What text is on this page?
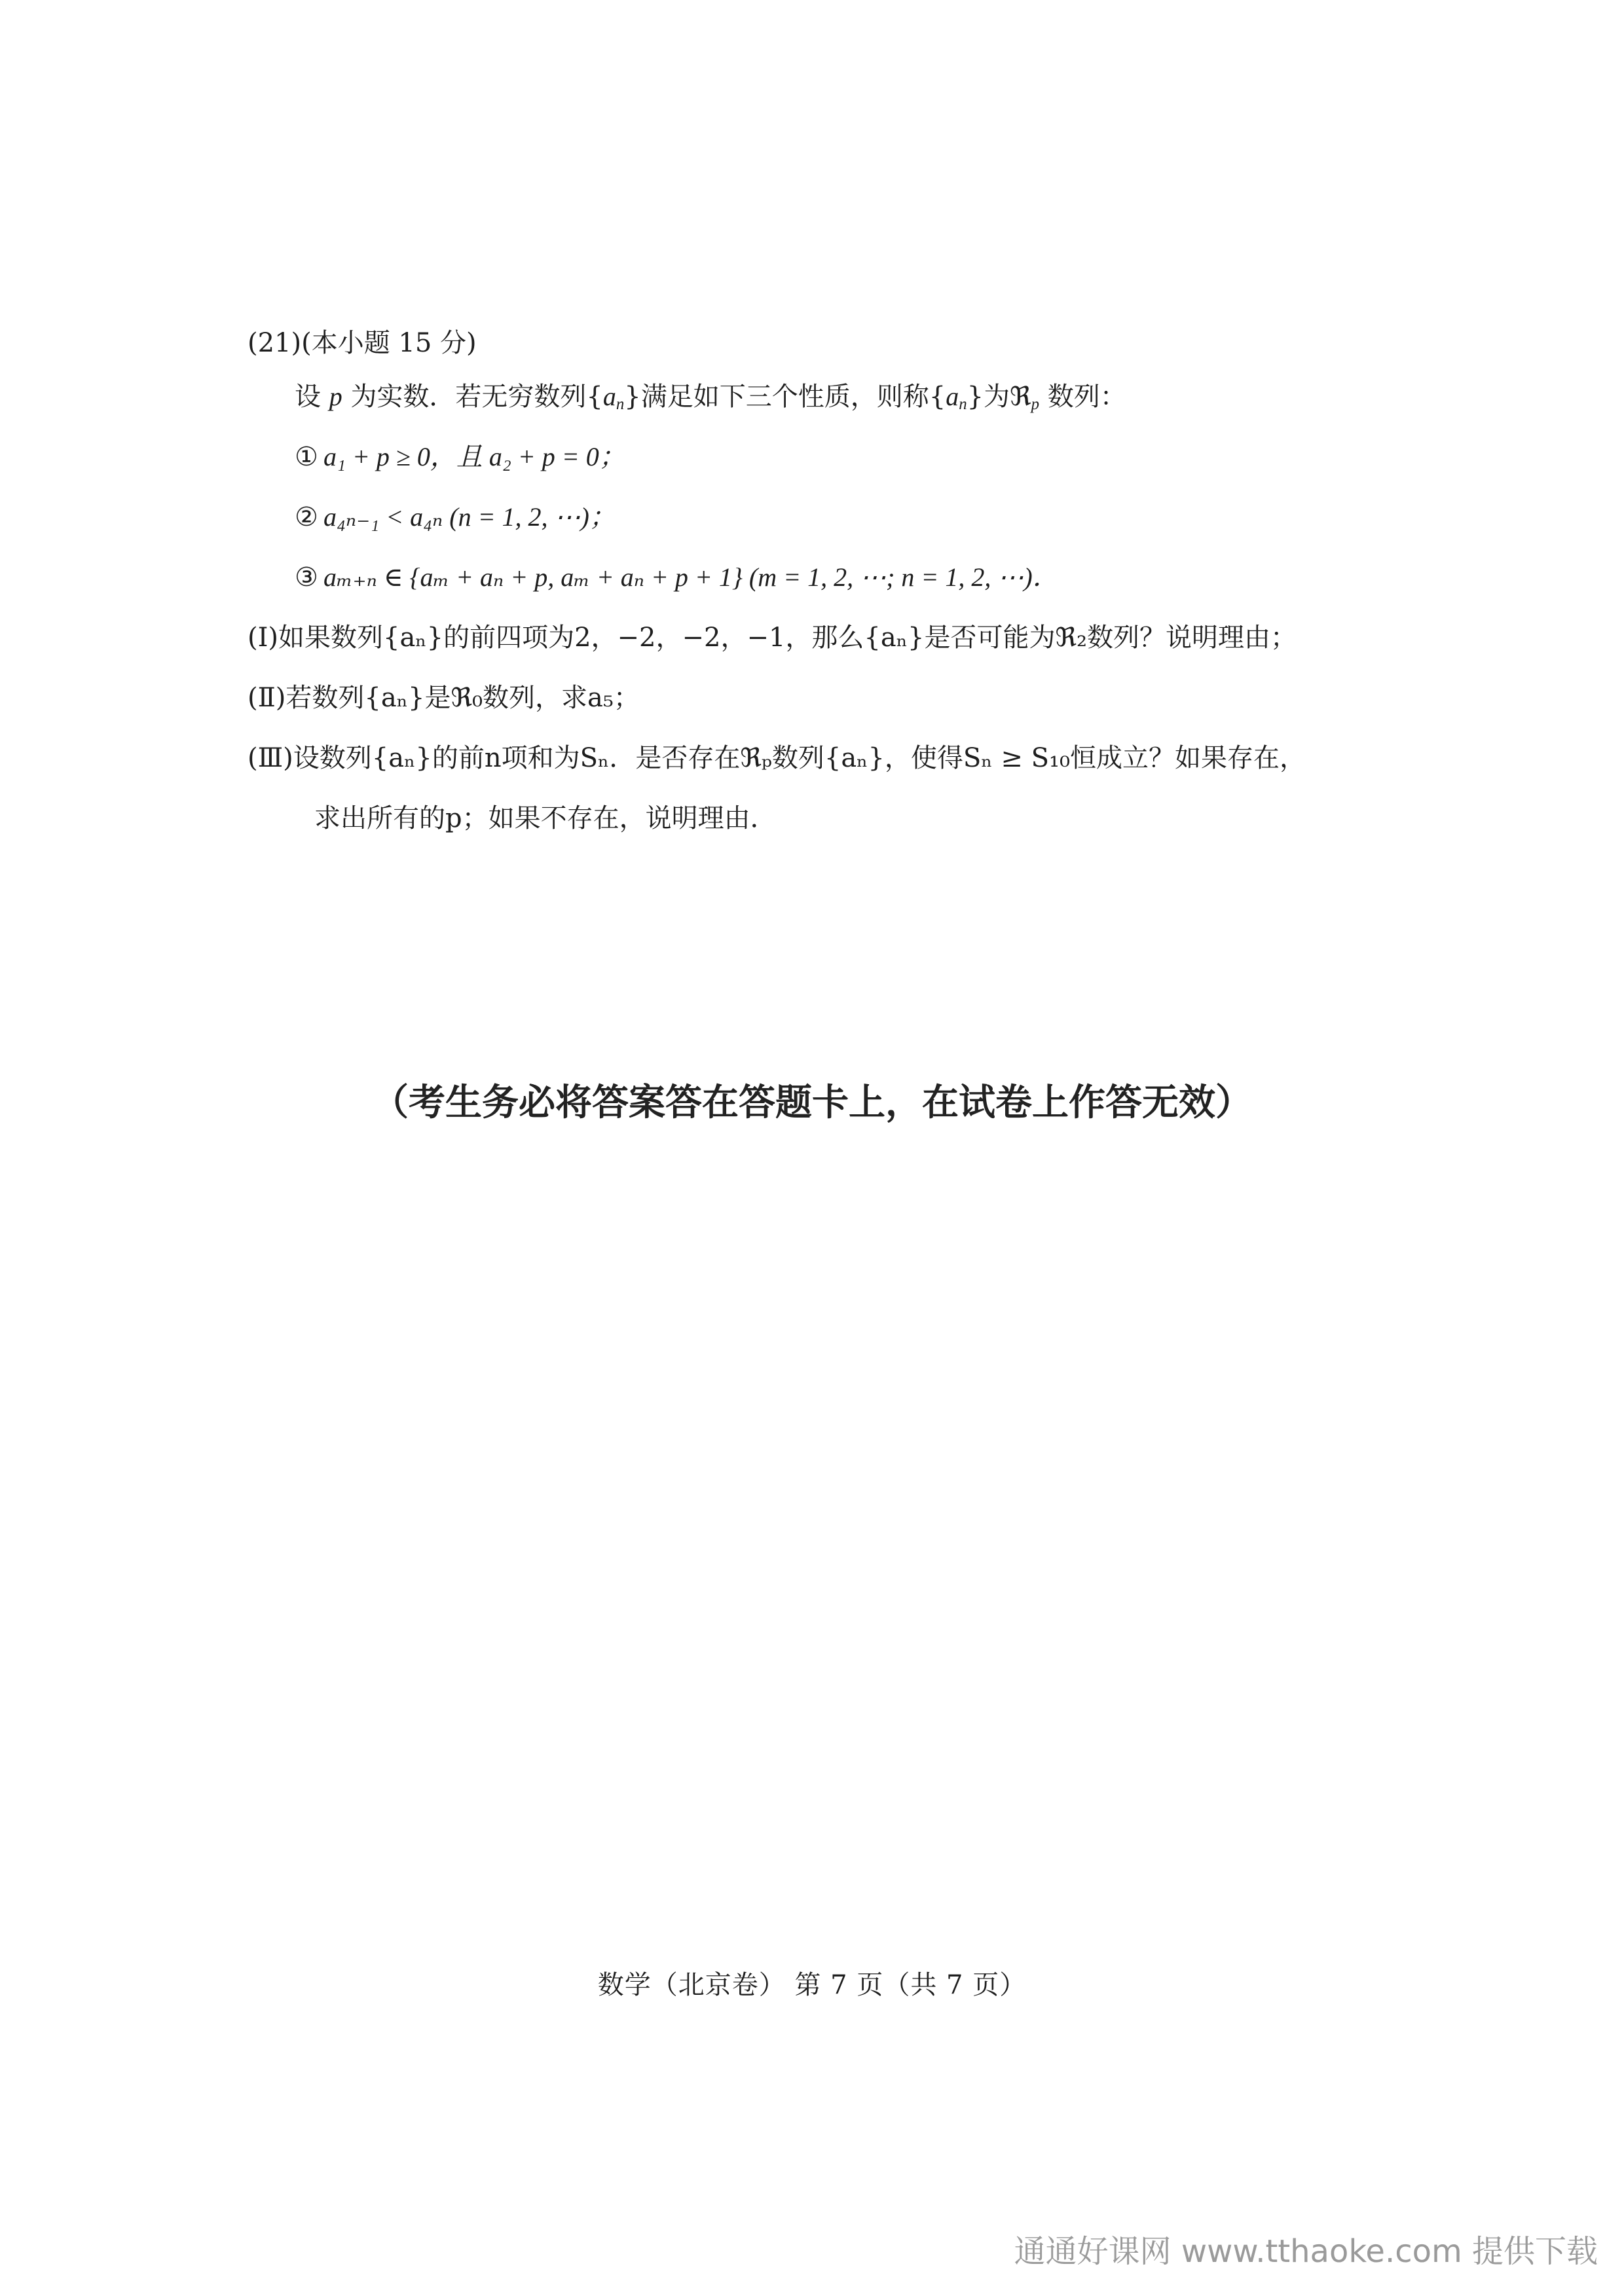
(21)(本小题 15 分)
设 p 为实数．若无穷数列$\{a_n\}$满足如下三个性质，则称$\{a_n\}$为ℜ$_p$ 数列：
① a₁ + p ≥ 0，且 a₂ + p = 0；
② a₄ₙ₋₁ < a₄ₙ (n = 1, 2, ⋯)；
③ aₘ₊ₙ ∈ {aₘ + aₙ + p, aₘ + aₙ + p + 1} (m = 1, 2, ⋯; n = 1, 2, ⋯)．
(Ⅰ)如果数列{aₙ}的前四项为2，−2，−2，−1，那么{aₙ}是否可能为ℜ₂数列？说明理由；
(Ⅱ)若数列{aₙ}是ℜ₀数列，求a₅；
(Ⅲ)设数列{aₙ}的前n项和为Sₙ．是否存在ℜₚ数列{aₙ}，使得Sₙ ≥ S₁₀恒成立？如果存在，
求出所有的p；如果不存在，说明理由．
（考生务必将答案答在答题卡上，在试卷上作答无效）
数学（北京卷） 第 7 页（共 7 页）
通通好课网 www.tthaoke.com 提供下载
